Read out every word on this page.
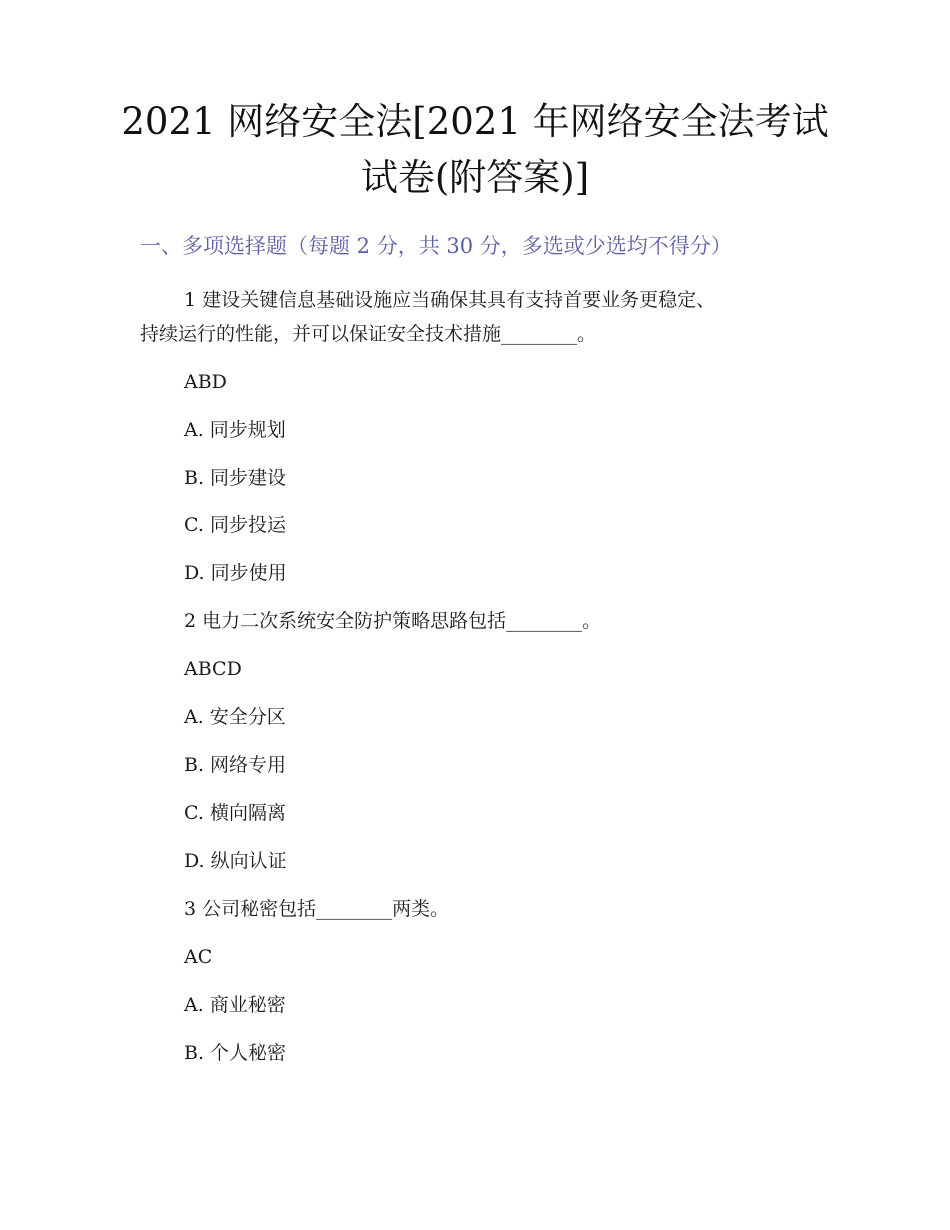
2021 网络安全法[2021 年网络安全法考试
试卷(附答案)]
一、多项选择题（每题 2 分，共 30 分，多选或少选均不得分）
1 建设关键信息基础设施应当确保其具有支持首要业务更稳定、
持续运行的性能，并可以保证安全技术措施________。
ABD
A. 同步规划
B. 同步建设
C. 同步投运
D. 同步使用
2 电力二次系统安全防护策略思路包括________。
ABCD
A. 安全分区
B. 网络专用
C. 横向隔离
D. 纵向认证
3 公司秘密包括________两类。
AC
A. 商业秘密
B. 个人秘密
